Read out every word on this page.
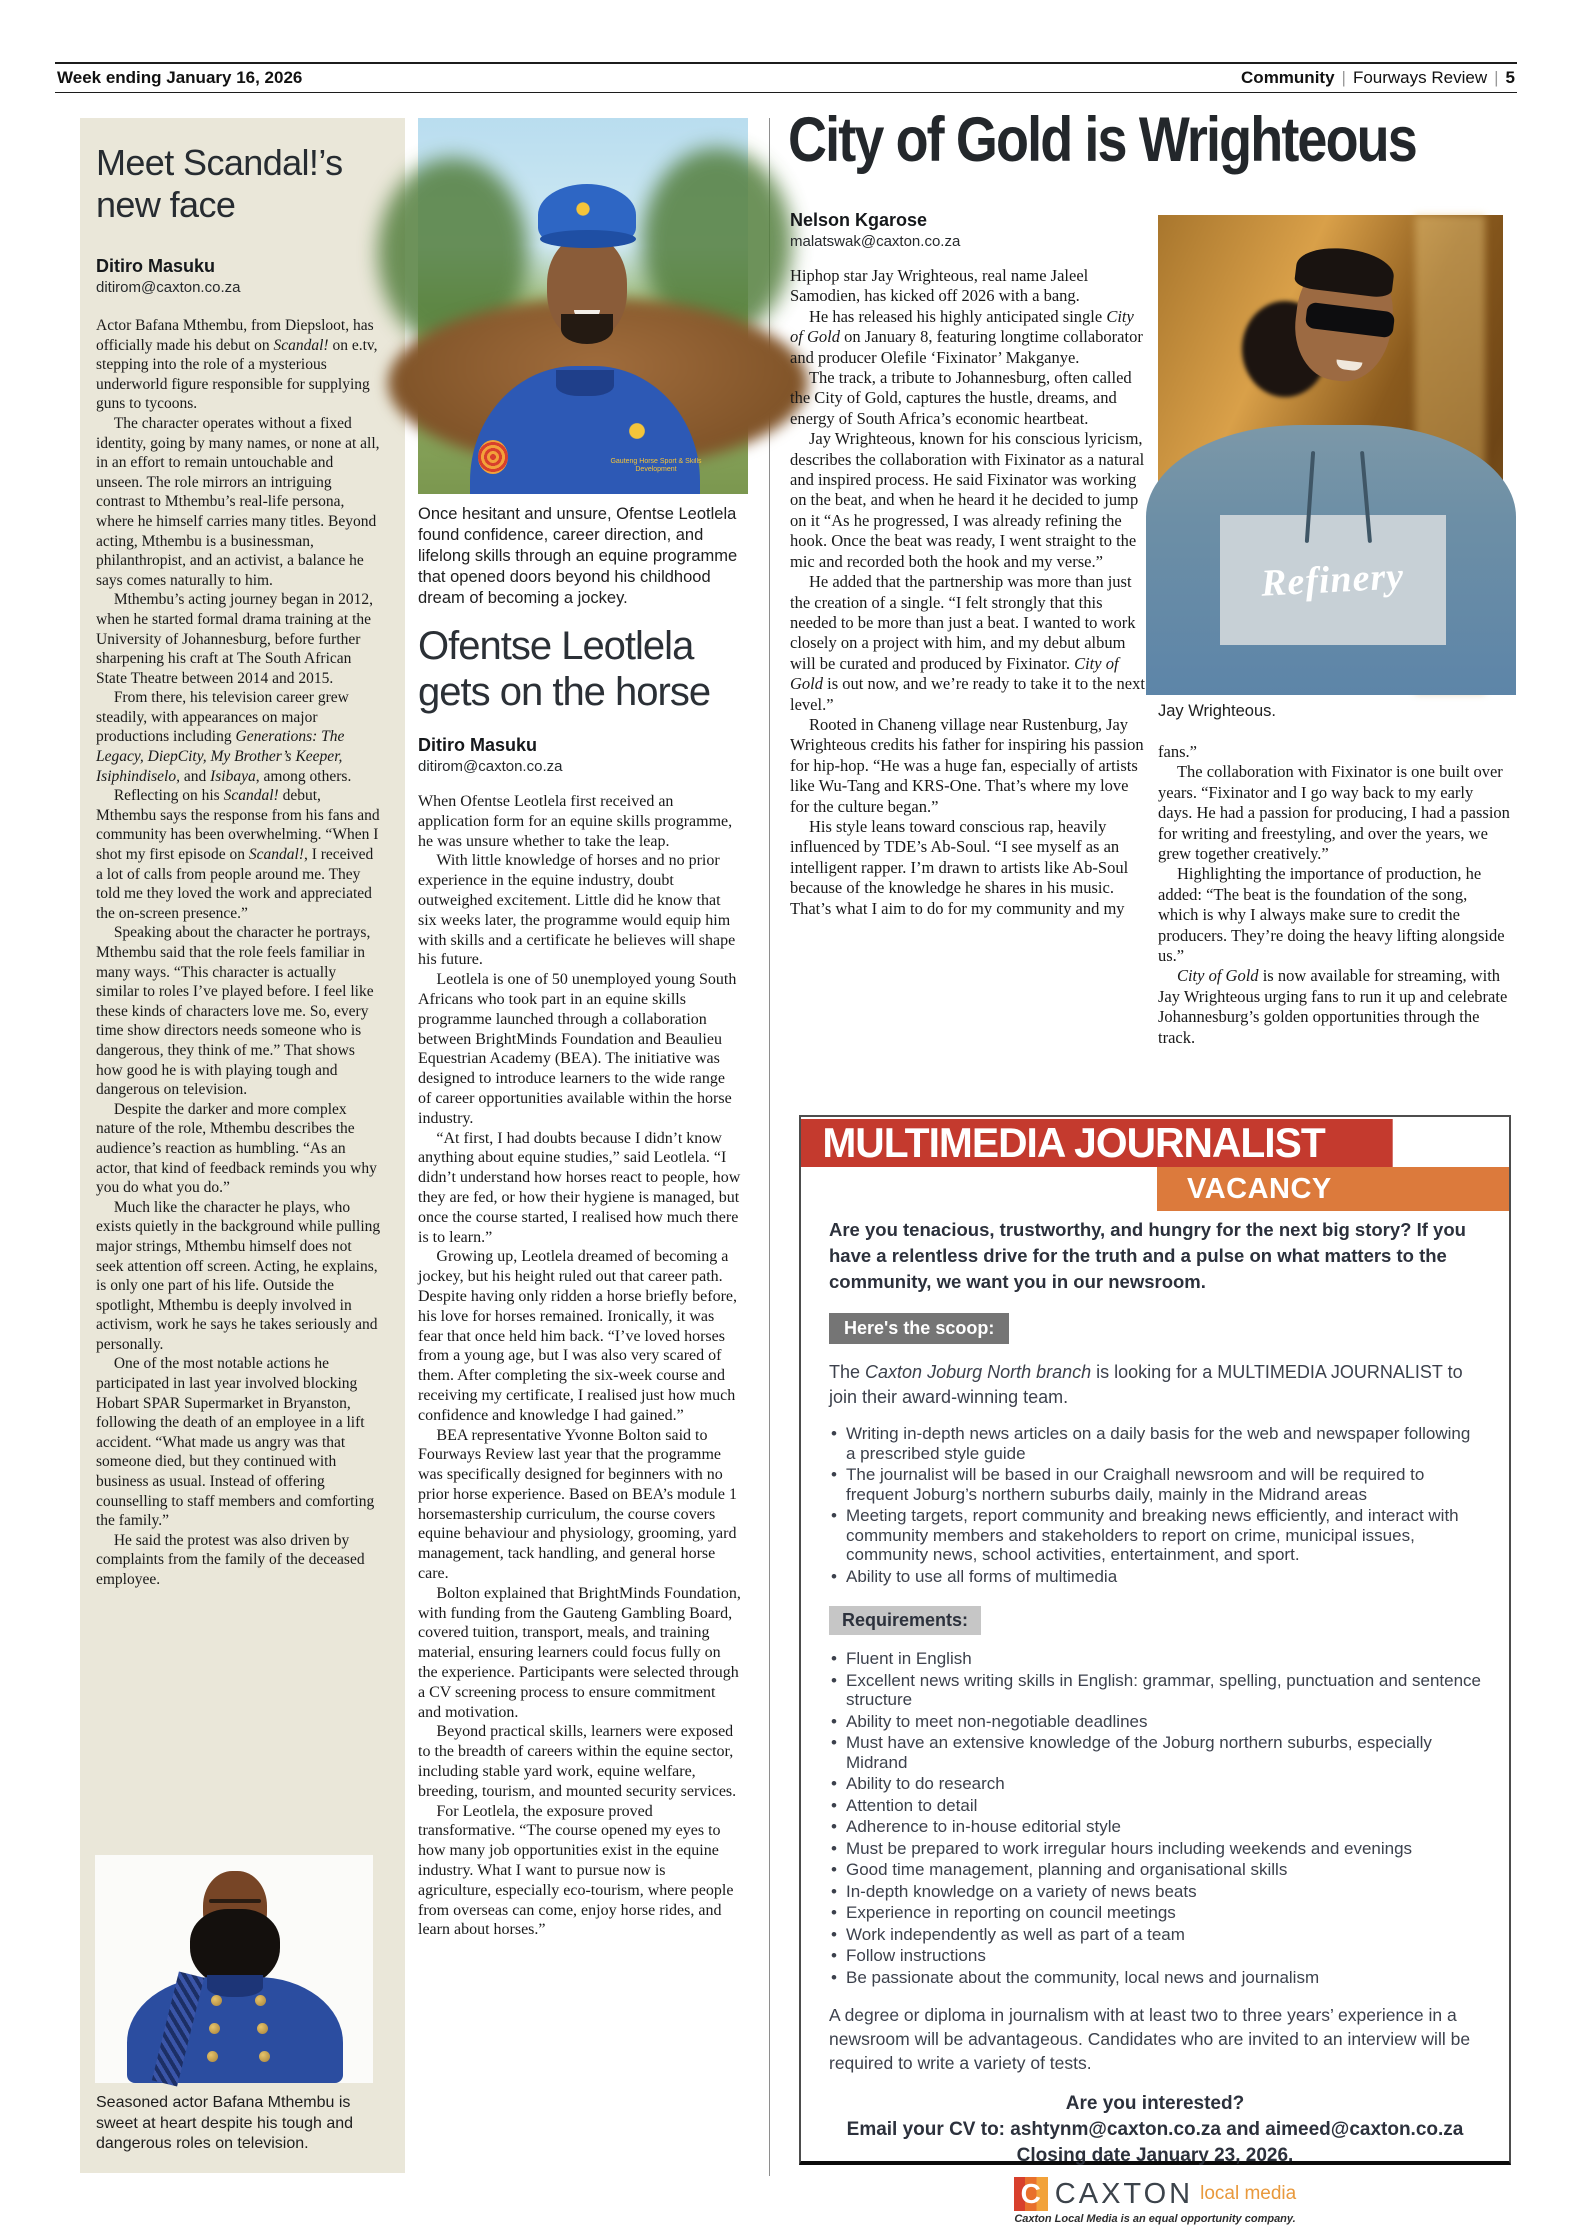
Week ending January 16, 2026	Community | Fourways Review | 5
Meet Scandal!’s new face
Ditiro Masuku
ditirom@caxton.co.za

Actor Bafana Mthembu, from Diepsloot, has officially made his debut on Scandal! on e.tv, stepping into the role of a mysterious underworld figure responsible for supplying guns to tycoons.

The character operates without a fixed identity, going by many names, or none at all, in an effort to remain untouchable and unseen. The role mirrors an intriguing contrast to Mthembu’s real-life persona, where he himself carries many titles. Beyond acting, Mthembu is a businessman, philanthropist, and an activist, a balance he says comes naturally to him.

Mthembu’s acting journey began in 2012, when he started formal drama training at the University of Johannesburg, before further sharpening his craft at The South African State Theatre between 2014 and 2015.

From there, his television career grew steadily, with appearances on major productions including Generations: The Legacy, DiepCity, My Brother’s Keeper, Isiphindiselo, and Isibaya, among others.

Reflecting on his Scandal! debut, Mthembu says the response from his fans and community has been overwhelming. “When I shot my first episode on Scandal!, I received a lot of calls from people around me. They told me they loved the work and appreciated the on-screen presence.”

Speaking about the character he portrays, Mthembu said that the role feels familiar in many ways. “This character is actually similar to roles I’ve played before. I feel like these kinds of characters love me. So, every time show directors needs someone who is dangerous, they think of me.” That shows how good he is with playing tough and dangerous on television.

Despite the darker and more complex nature of the role, Mthembu describes the audience’s reaction as humbling. “As an actor, that kind of feedback reminds you why you do what you do.”

Much like the character he plays, who exists quietly in the background while pulling major strings, Mthembu himself does not seek attention off screen. Acting, he explains, is only one part of his life. Outside the spotlight, Mthembu is deeply involved in activism, work he says he takes seriously and personally.

One of the most notable actions he participated in last year involved blocking Hobart SPAR Supermarket in Bryanston, following the death of an employee in a lift accident. “What made us angry was that someone died, but they continued with business as usual. Instead of offering counselling to staff members and comforting the family.”

He said the protest was also driven by complaints from the family of the deceased employee.

Seasoned actor Bafana Mthembu is sweet at heart despite his tough and dangerous roles on television.
Gauteng Horse Sport & Skills Development
Once hesitant and unsure, Ofentse Leotlela found confidence, career direction, and lifelong skills through an equine programme that opened doors beyond his childhood dream of becoming a jockey.
Ofentse Leotlela gets on the horse
Ditiro Masuku
ditirom@caxton.co.za

When Ofentse Leotlela first received an application form for an equine skills programme, he was unsure whether to take the leap.

With little knowledge of horses and no prior experience in the equine industry, doubt outweighed excitement. Little did he know that six weeks later, the programme would equip him with skills and a certificate he believes will shape his future.

Leotlela is one of 50 unemployed young South Africans who took part in an equine skills programme launched through a collaboration between BrightMinds Foundation and Beaulieu Equestrian Academy (BEA). The initiative was designed to introduce learners to the wide range of career opportunities available within the horse industry.

“At first, I had doubts because I didn’t know anything about equine studies,” said Leotlela. “I didn’t understand how horses react to people, how they are fed, or how their hygiene is managed, but once the course started, I realised how much there is to learn.”

Growing up, Leotlela dreamed of becoming a jockey, but his height ruled out that career path. Despite having only ridden a horse briefly before, his love for horses remained. Ironically, it was fear that once held him back. “I’ve loved horses from a young age, but I was also very scared of them. After completing the six-week course and receiving my certificate, I realised just how much confidence and knowledge I had gained.”

BEA representative Yvonne Bolton said to Fourways Review last year that the programme was specifically designed for beginners with no prior horse experience. Based on BEA’s module 1 horsemastership curriculum, the course covers equine behaviour and physiology, grooming, yard management, tack handling, and general horse care.

Bolton explained that BrightMinds Foundation, with funding from the Gauteng Gambling Board, covered tuition, transport, meals, and training material, ensuring learners could focus fully on the experience. Participants were selected through a CV screening process to ensure commitment and motivation.

Beyond practical skills, learners were exposed to the breadth of careers within the equine sector, including stable yard work, equine welfare, breeding, tourism, and mounted security services.

For Leotlela, the exposure proved transformative. “The course opened my eyes to how many job opportunities exist in the equine industry. What I want to pursue now is agriculture, especially eco-tourism, where people from overseas can come, enjoy horse rides, and learn about horses.”

City of Gold is Wrighteous
Nelson Kgarose
malatswak@caxton.co.za

Hiphop star Jay Wrighteous, real name Jaleel Samodien, has kicked off 2026 with a bang.

He has released his highly anticipated single City of Gold on January 8, featuring longtime collaborator and producer Olefile ‘Fixinator’ Makganye.

The track, a tribute to Johannesburg, often called the City of Gold, captures the hustle, dreams, and energy of South Africa’s economic heartbeat.

Jay Wrighteous, known for his conscious lyricism, describes the collaboration with Fixinator as a natural and inspired process. He said Fixinator was working on the beat, and when he heard it he decided to jump on it “As he progressed, I was already refining the hook. Once the beat was ready, I went straight to the mic and recorded both the hook and my verse.”

He added that the partnership was more than just the creation of a single. “I felt strongly that this needed to be more than just a beat. I wanted to work closely on a project with him, and my debut album will be curated and produced by Fixinator. City of Gold is out now, and we’re ready to take it to the next level.”

Rooted in Chaneng village near Rustenburg, Jay Wrighteous credits his father for inspiring his passion for hip-hop. “He was a huge fan, especially of artists like Wu-Tang and KRS-One. That’s where my love for the culture began.”

His style leans toward conscious rap, heavily influenced by TDE’s Ab-Soul. “I see myself as an intelligent rapper. I’m drawn to artists like Ab-Soul because of the knowledge he shares in his music. That’s what I aim to do for my community and my

Refinery
Jay Wrighteous.

fans.”

The collaboration with Fixinator is one built over years. “Fixinator and I go way back to my early days. He had a passion for producing, I had a passion for writing and freestyling, and over the years, we grew together creatively.”

Highlighting the importance of production, he added: “The beat is the foundation of the song, which is why I always make sure to credit the producers. They’re doing the heavy lifting alongside us.”

City of Gold is now available for streaming, with Jay Wrighteous urging fans to run it up and celebrate Johannesburg’s golden opportunities through the track.

MULTIMEDIA JOURNALIST
VACANCY

Are you tenacious, trustworthy, and hungry for the next big story? If you have a relentless drive for the truth and a pulse on what matters to the community, we want you in our newsroom.

Here's the scoop:

The Caxton Joburg North branch is looking for a MULTIMEDIA JOURNALIST to join their award-winning team.

• Writing in-depth news articles on a daily basis for the web and newspaper following a prescribed style guide
• The journalist will be based in our Craighall newsroom and will be required to frequent Joburg’s northern suburbs daily, mainly in the Midrand areas
• Meeting targets, report community and breaking news efficiently, and interact with community members and stakeholders to report on crime, municipal issues, community news, school activities, entertainment, and sport.
• Ability to use all forms of multimedia
Requirements:
• Fluent in English
• Excellent news writing skills in English: grammar, spelling, punctuation and sentence structure
• Ability to meet non-negotiable deadlines
• Must have an extensive knowledge of the Joburg northern suburbs, especially Midrand
• Ability to do research
• Attention to detail
• Adherence to in-house editorial style
• Must be prepared to work irregular hours including weekends and evenings
• Good time management, planning and organisational skills
• In-depth knowledge on a variety of news beats
• Experience in reporting on council meetings
• Work independently as well as part of a team
• Follow instructions
• Be passionate about the community, local news and journalism

A degree or diploma in journalism with at least two to three years’ experience in a newsroom will be advantageous. Candidates who are invited to an interview will be required to write a variety of tests.

Are you interested?
Email your CV to: ashtynm@caxton.co.za and aimeed@caxton.co.za
Closing date January 23, 2026.
C CAXTON local media
Caxton Local Media is an equal opportunity company.
